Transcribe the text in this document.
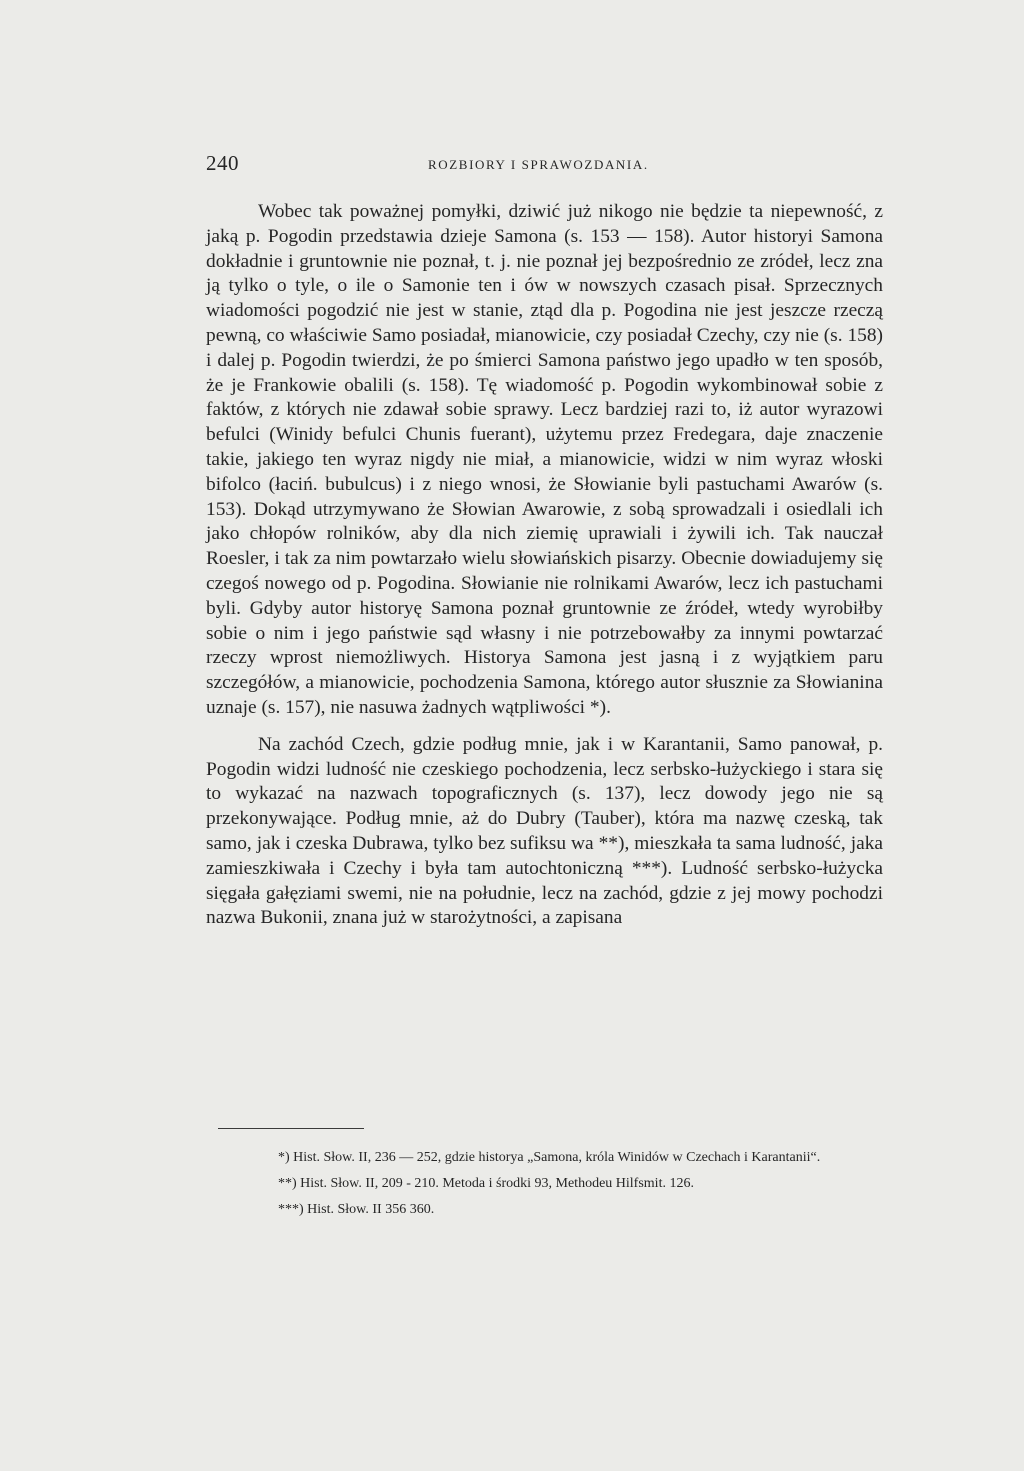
240	ROZBIORY I SPRAWOZDANIA.

Wobec tak poważnej pomyłki, dziwić już nikogo nie będzie ta niepewność, z jaką p. Pogodin przedstawia dzieje Samona (s. 153 — 158). Autor historyi Samona dokładnie i gruntownie nie poznał, t. j. nie poznał jej bezpośrednio ze zródeł, lecz zna ją tylko o tyle, o ile o Samonie ten i ów w nowszych czasach pisał. Sprzecznych wiadomości pogodzić nie jest w stanie, ztąd dla p. Pogodina nie jest jeszcze rzeczą pewną, co właściwie Samo posiadał, mianowicie, czy posiadał Czechy, czy nie (s. 158) i dalej p. Pogodin twierdzi, że po śmierci Samona państwo jego upadło w ten sposób, że je Frankowie obalili (s. 158). Tę wiadomość p. Pogodin wykombinował sobie z faktów, z których nie zdawał sobie sprawy. Lecz bardziej razi to, iż autor wyrazowi befulci (Winidy befulci Chunis fuerant), użytemu przez Fredegara, daje znaczenie takie, jakiego ten wyraz nigdy nie miał, a mianowicie, widzi w nim wyraz włoski bifolco (łaciń. bubulcus) i z niego wnosi, że Słowianie byli pastuchami Awarów (s. 153). Dokąd utrzymywano że Słowian Awarowie, z sobą sprowadzali i osiedlali ich jako chłopów rolników, aby dla nich ziemię uprawiali i żywili ich. Tak nauczał Roesler, i tak za nim powtarzało wielu słowiańskich pisarzy. Obecnie dowiadujemy się czegoś nowego od p. Pogodina. Słowianie nie rolnikami Awarów, lecz ich pastuchami byli. Gdyby autor historyę Samona poznał gruntownie ze źródeł, wtedy wyrobiłby sobie o nim i jego państwie sąd własny i nie potrzebowałby za innymi powtarzać rzeczy wprost niemożliwych. Historya Samona jest jasną i z wyjątkiem paru szczegółów, a mianowicie, pochodzenia Samona, którego autor słusznie za Słowianina uznaje (s. 157), nie nasuwa żadnych wątpliwości *).

Na zachód Czech, gdzie podług mnie, jak i w Karantanii, Samo panował, p. Pogodin widzi ludność nie czeskiego pochodzenia, lecz serbsko-łużyckiego i stara się to wykazać na nazwach topograficznych (s. 137), lecz dowody jego nie są przekonywające. Podług mnie, aż do Dubry (Tauber), która ma nazwę czeską, tak samo, jak i czeska Dubrawa, tylko bez sufiksu wa **), mieszkała ta sama ludność, jaka zamieszkiwała i Czechy i była tam autochtoniczną ***). Ludność serbsko-łużycka sięgała gałęziami swemi, nie na południe, lecz na zachód, gdzie z jej mowy pochodzi nazwa Bukonii, znana już w starożytności, a zapisana

*) Hist. Słow. II, 236 — 252, gdzie historya „Samona, króla Winidów w Czechach i Karantanii“.

**) Hist. Słow. II, 209 - 210. Metoda i środki 93, Methodeu Hilfsmit. 126.

***) Hist. Słow. II 356 360.
